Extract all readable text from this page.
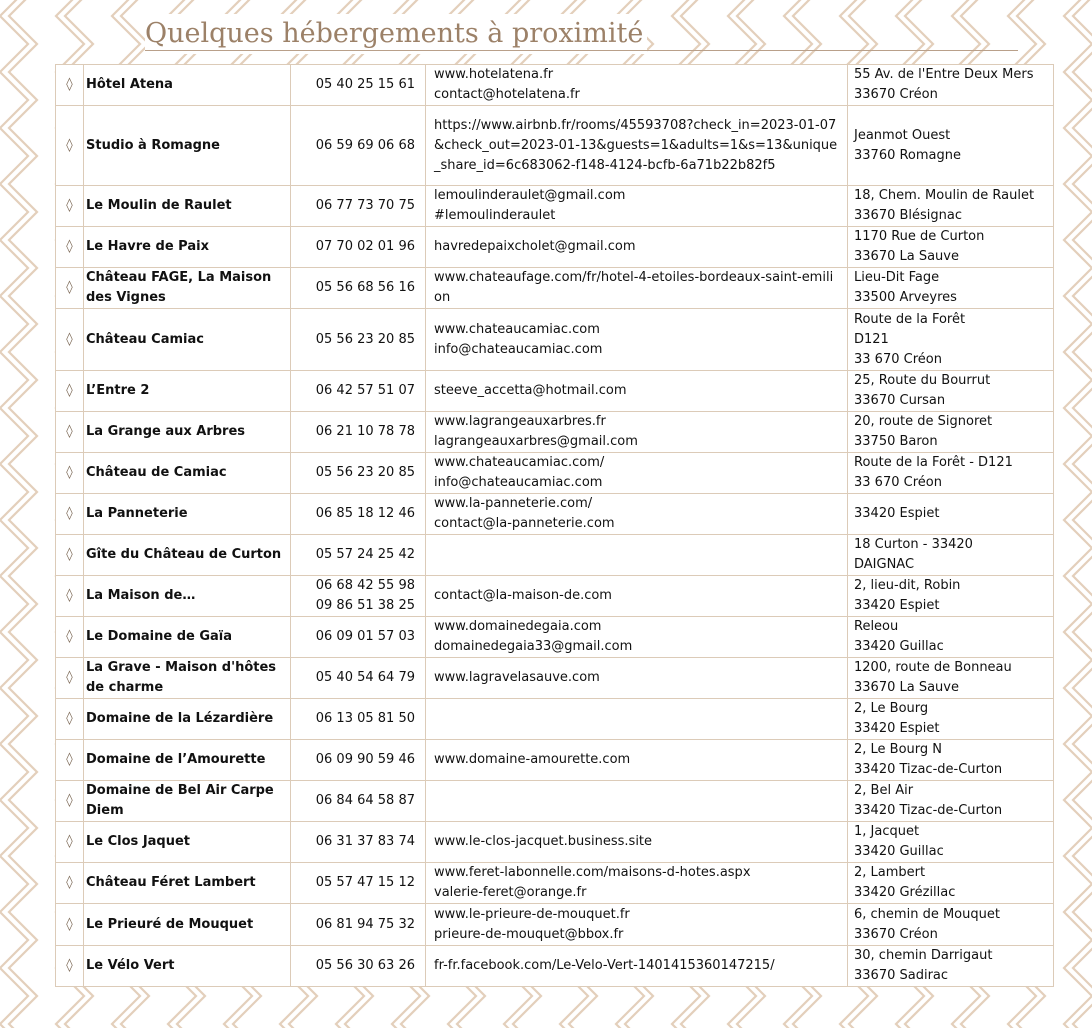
Quelques hébergements à proximité
◊	Hôtel Atena	05 40 25 15 61	www.hotelatena.fr
contact@hotelatena.fr	55 Av. de l'Entre Deux Mers
33670 Créon
◊	Studio à Romagne	06 59 69 06 68	https://www.airbnb.fr/rooms/45593708?check_in=2023-01-07&check_out=2023-01-13&guests=1&adults=1&s=13&unique_share_id=6c683062-f148-4124-bcfb-6a71b22b82f5	Jeanmot Ouest
33760 Romagne
◊	Le Moulin de Raulet	06 77 73 70 75	lemoulinderaulet@gmail.com
#lemoulinderaulet	18, Chem. Moulin de Raulet
33670 Blésignac
◊	Le Havre de Paix	07 70 02 01 96	havredepaixcholet@gmail.com	1170 Rue de Curton
33670 La Sauve
◊	Château FAGE, La Maison des Vignes	05 56 68 56 16	www.chateaufage.com/fr/hotel-4-etoiles-bordeaux-saint-emilion	Lieu-Dit Fage
33500 Arveyres
◊	Château Camiac	05 56 23 20 85	www.chateaucamiac.com
info@chateaucamiac.com	Route de la Forêt
D121
33 670 Créon
◊	L’Entre 2	06 42 57 51 07	steeve_accetta@hotmail.com	25, Route du Bourrut
33670 Cursan
◊	La Grange aux Arbres	06 21 10 78 78	www.lagrangeauxarbres.fr
lagrangeauxarbres@gmail.com	20, route de Signoret
33750 Baron
◊	Château de Camiac	05 56 23 20 85	www.chateaucamiac.com/
info@chateaucamiac.com	Route de la Forêt - D121
33 670 Créon
◊	La Panneterie	06 85 18 12 46	www.la-panneterie.com/
contact@la-panneterie.com	33420 Espiet
◊	Gîte du Château de Curton	05 57 24 25 42		18 Curton - 33420
DAIGNAC
◊	La Maison de…	06 68 42 55 98
09 86 51 38 25	contact@la-maison-de.com	2, lieu-dit, Robin
33420 Espiet
◊	Le Domaine de Gaïa	06 09 01 57 03	www.domainedegaia.com
domainedegaia33@gmail.com	Releou
33420 Guillac
◊	La Grave - Maison d'hôtes de charme	05 40 54 64 79	www.lagravelasauve.com	1200, route de Bonneau
33670 La Sauve
◊	Domaine de la Lézardière	06 13 05 81 50		2, Le Bourg
33420 Espiet
◊	Domaine de l’Amourette	06 09 90 59 46	www.domaine-amourette.com	2, Le Bourg N
33420 Tizac-de-Curton
◊	Domaine de Bel Air Carpe Diem	06 84 64 58 87		2, Bel Air
33420 Tizac-de-Curton
◊	Le Clos Jaquet	06 31 37 83 74	www.le-clos-jacquet.business.site	1, Jacquet
33420 Guillac
◊	Château Féret Lambert	05 57 47 15 12	www.feret-labonnelle.com/maisons-d-hotes.aspx
valerie-feret@orange.fr	2, Lambert
33420 Grézillac
◊	Le Prieuré de Mouquet	06 81 94 75 32	www.le-prieure-de-mouquet.fr
prieure-de-mouquet@bbox.fr	6, chemin de Mouquet
33670 Créon
◊	Le Vélo Vert	05 56 30 63 26	fr-fr.facebook.com/Le-Velo-Vert-1401415360147215/	30, chemin Darrigaut
33670 Sadirac
